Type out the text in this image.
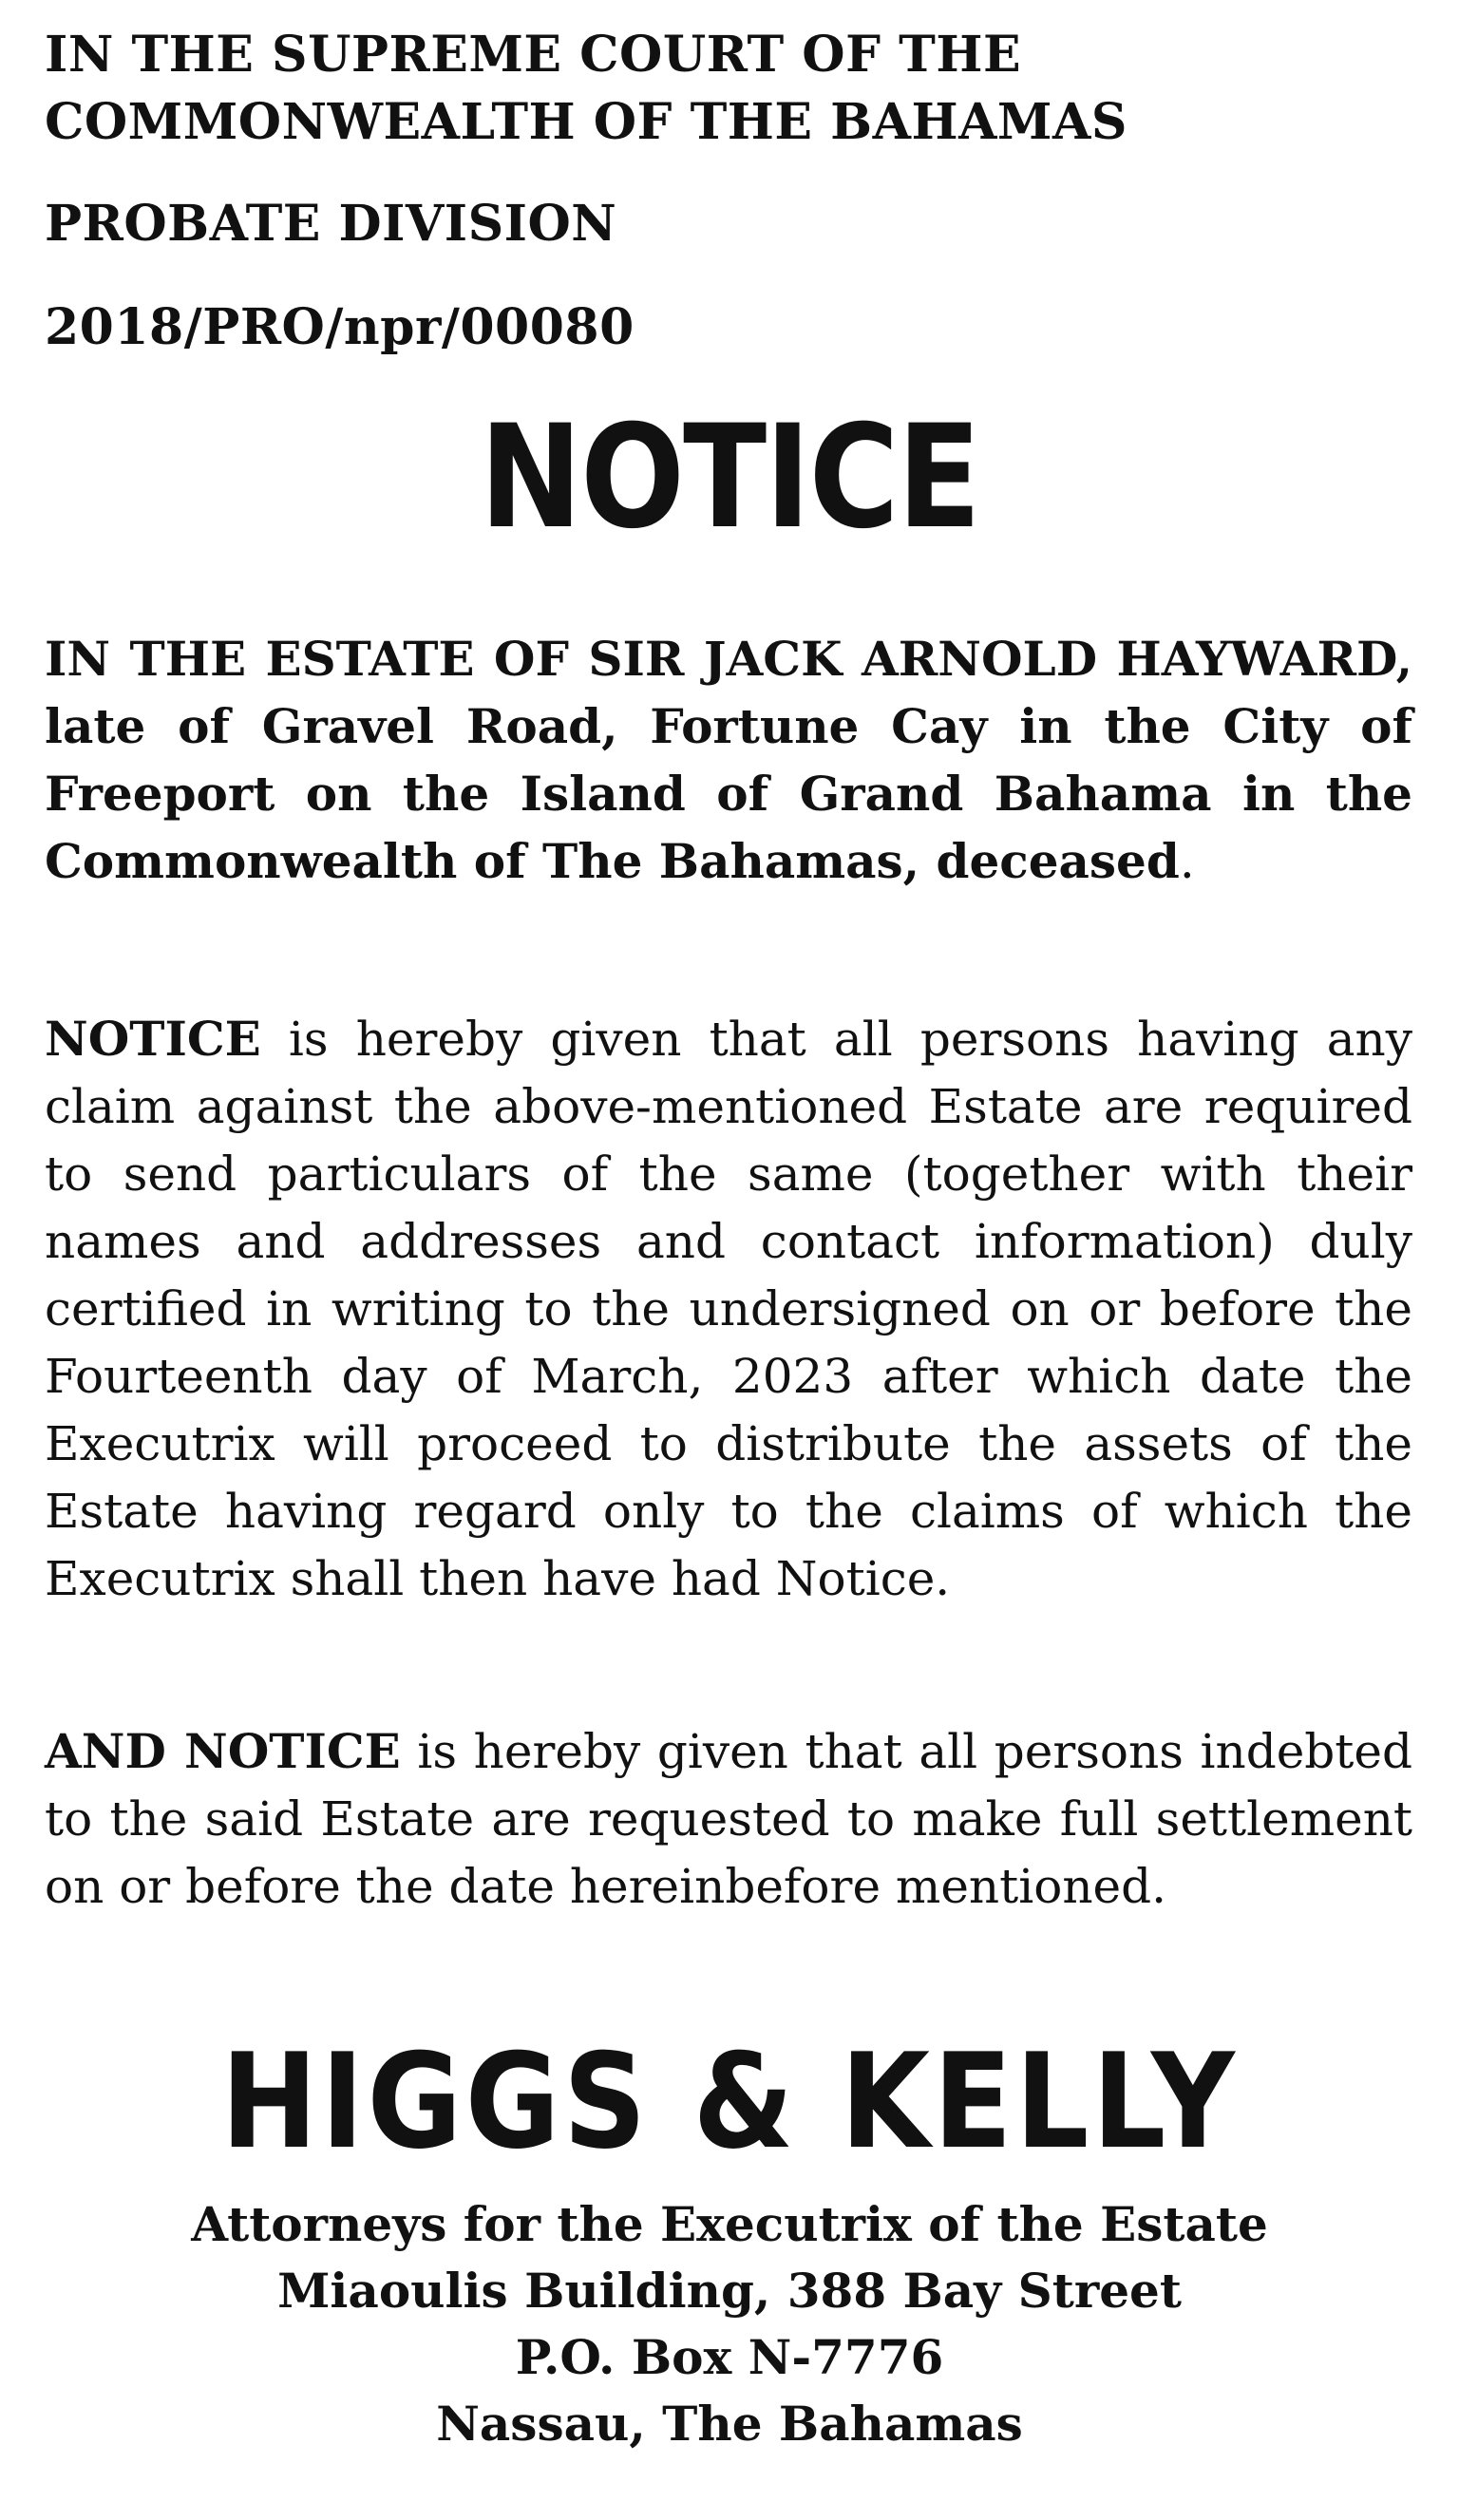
IN THE SUPREME COURT OF THE
COMMONWEALTH OF THE BAHAMAS
PROBATE DIVISION
2018/PRO/npr/00080
NOTICE

IN THE ESTATE OF SIR JACK ARNOLD HAYWARD, late of Gravel Road, Fortune Cay in the City of Freeport on the Island of Grand Bahama in the Commonwealth of The Bahamas, deceased.

NOTICE is hereby given that all persons having any claim against the above-mentioned Estate are required to send particulars of the same (together with their names and addresses and contact information) duly certified in writing to the undersigned on or before the Fourteenth day of March, 2023 after which date the Executrix will proceed to distribute the assets of the Estate having regard only to the claims of which the Executrix shall then have had Notice.

AND NOTICE is hereby given that all persons indebted to the said Estate are requested to make full settlement on or before the date hereinbefore mentioned.

HIGGS & KELLY
Attorneys for the Executrix of the Estate
Miaoulis Building, 388 Bay Street
P.O. Box N-7776
Nassau, The Bahamas
